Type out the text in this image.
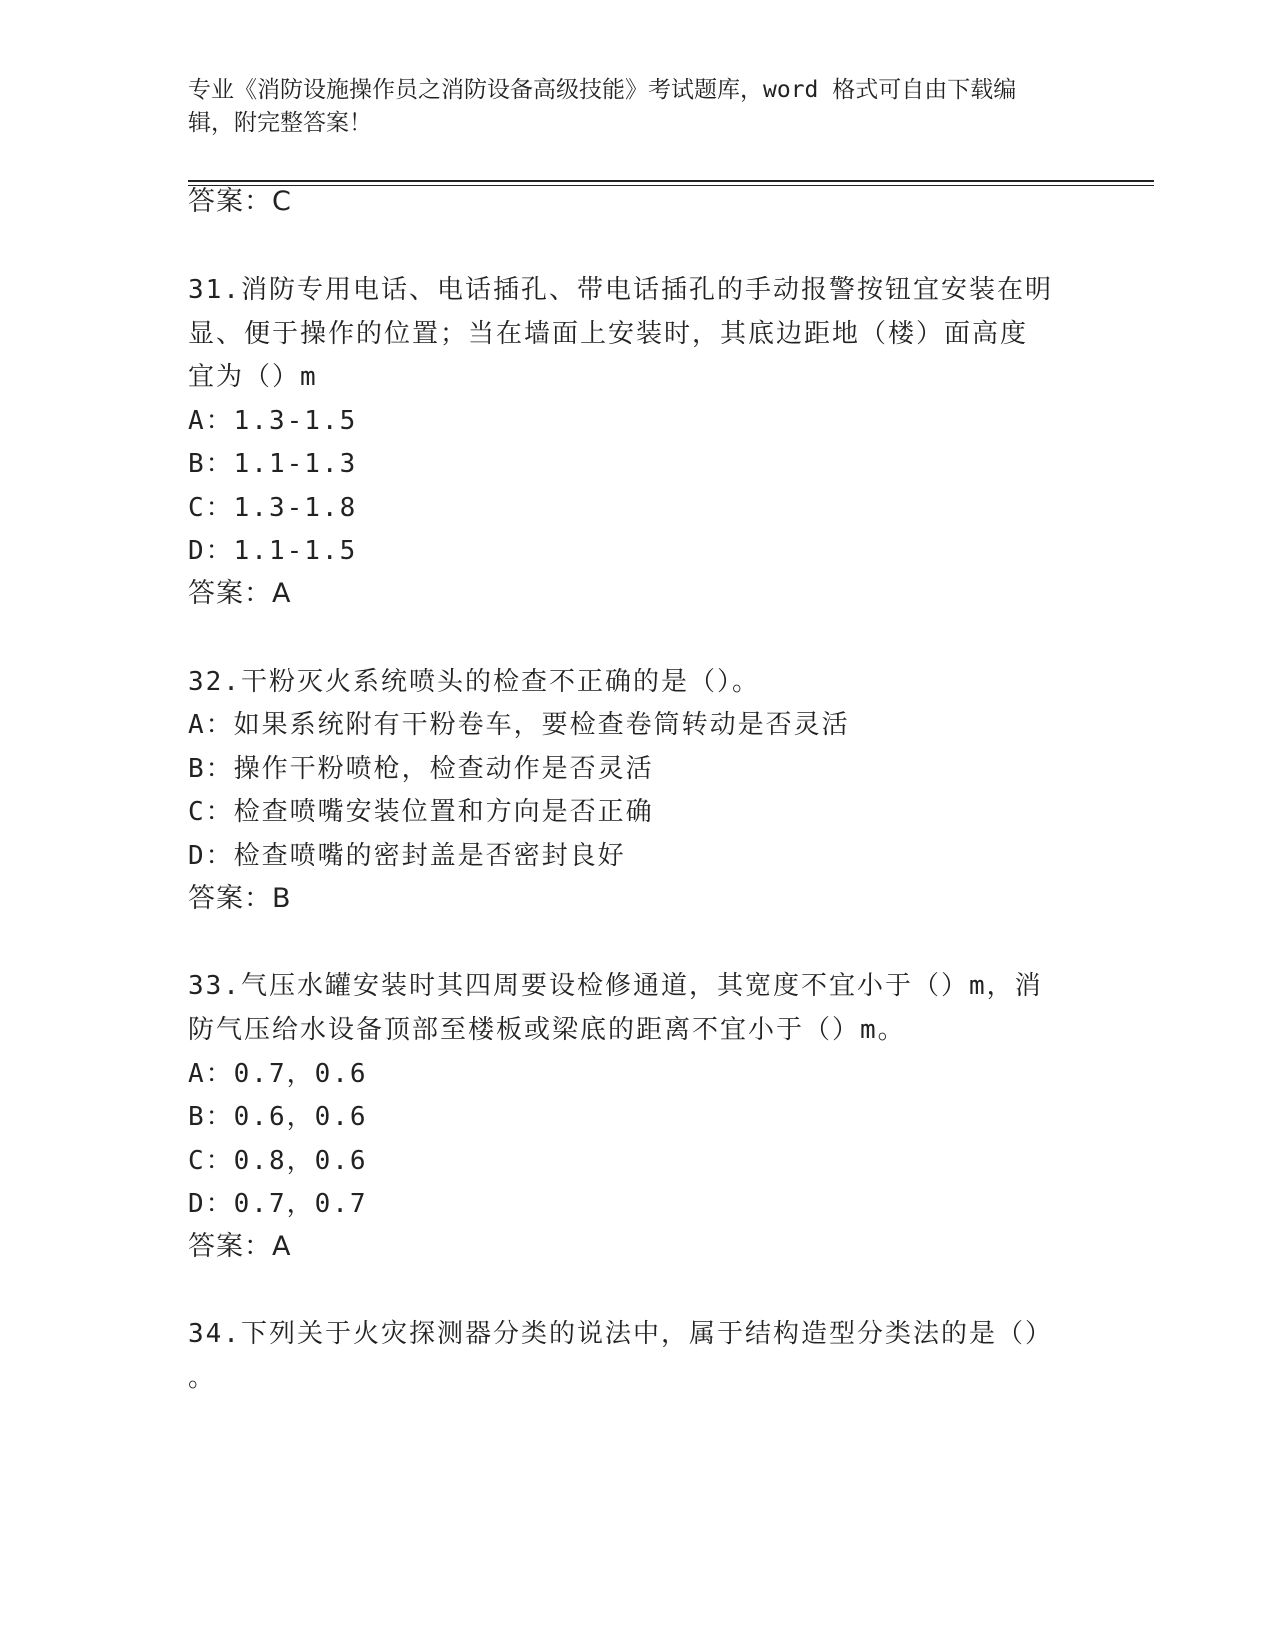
专业《消防设施操作员之消防设备高级技能》考试题库，word 格式可自由下载编
辑，附完整答案！
答案：C
31.消防专用电话、电话插孔、带电话插孔的手动报警按钮宜安装在明
显、便于操作的位置；当在墙面上安装时，其底边距地（楼）面高度
宜为（）m
A：1.3-1.5
B：1.1-1.3
C：1.3-1.8
D：1.1-1.5
答案：A
32.干粉灭火系统喷头的检查不正确的是（）。
A：如果系统附有干粉卷车，要检查卷筒转动是否灵活
B：操作干粉喷枪，检查动作是否灵活
C：检查喷嘴安装位置和方向是否正确
D：检查喷嘴的密封盖是否密封良好
答案：B
33.气压水罐安装时其四周要设检修通道，其宽度不宜小于（）m，消
防气压给水设备顶部至楼板或梁底的距离不宜小于（）m。
A：0.7，0.6
B：0.6，0.6
C：0.8，0.6
D：0.7，0.7
答案：A
34.下列关于火灾探测器分类的说法中，属于结构造型分类法的是（）
。
